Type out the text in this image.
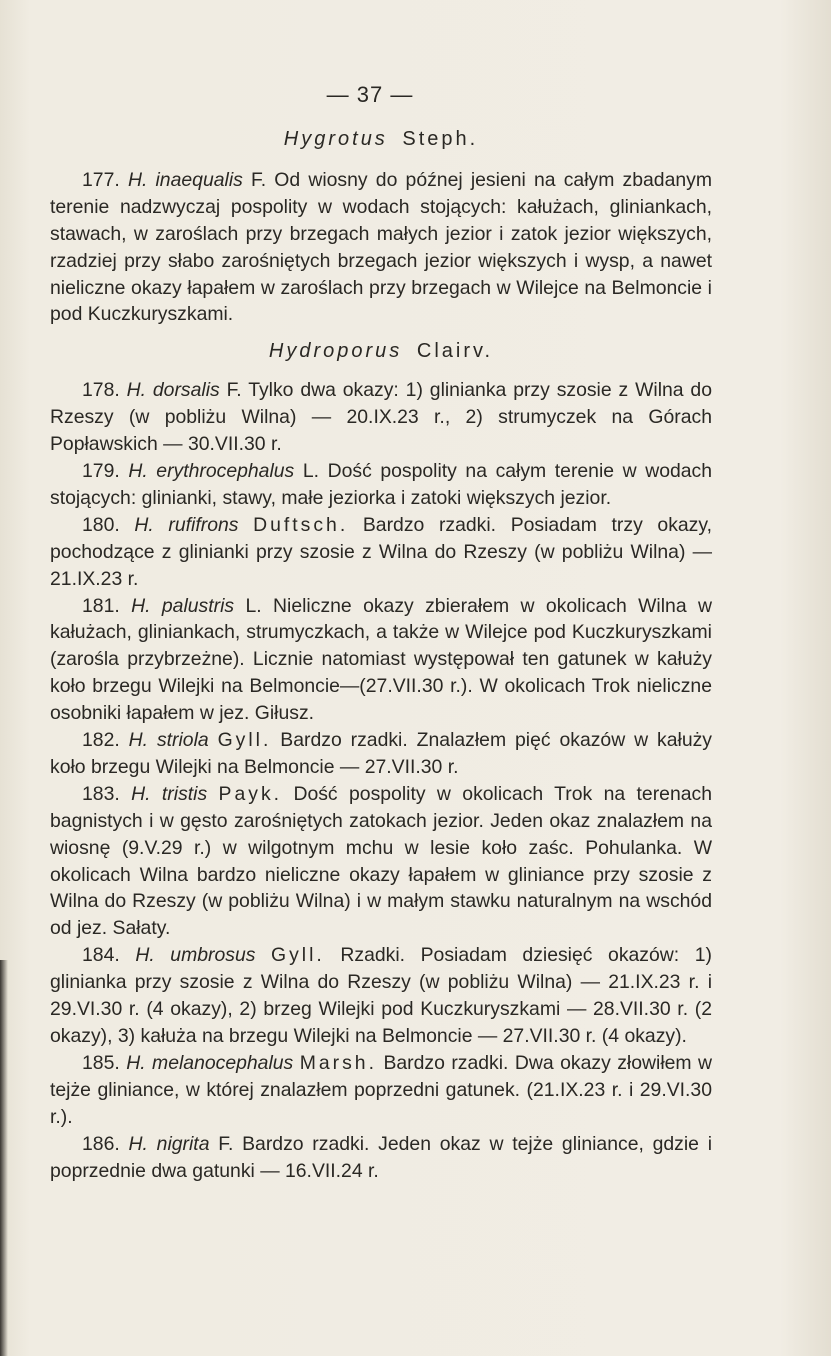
— 37 —

Hygrotus Steph.

177. H. inaequalis F. Od wiosny do późnej jesieni na całym zbadanym terenie nadzwyczaj pospolity w wodach stojących: kałużach, gliniankach, stawach, w zaroślach przy brzegach małych jezior i zatok jezior większych, rzadziej przy słabo zarośniętych brzegach jezior większych i wysp, a nawet nieliczne okazy łapałem w zaroślach przy brzegach w Wilejce na Belmoncie i pod Kuczkuryszkami.

Hydroporus Clairv.

178. H. dorsalis F. Tylko dwa okazy: 1) glinianka przy szosie z Wilna do Rzeszy (w pobliżu Wilna) — 20.IX.23 r., 2) strumyczek na Górach Popławskich — 30.VII.30 r.

179. H. erythrocephalus L. Dość pospolity na całym terenie w wodach stojących: glinianki, stawy, małe jeziorka i zatoki większych jezior.

180. H. rufifrons Duftsch. Bardzo rzadki. Posiadam trzy okazy, pochodzące z glinianki przy szosie z Wilna do Rzeszy (w pobliżu Wilna) — 21.IX.23 r.

181. H. palustris L. Nieliczne okazy zbierałem w okolicach Wilna w kałużach, gliniankach, strumyczkach, a także w Wilejce pod Kuczkuryszkami (zarośla przybrzeżne). Licznie natomiast występował ten gatunek w kałuży koło brzegu Wilejki na Belmoncie—(27.VII.30 r.). W okolicach Trok nieliczne osobniki łapałem w jez. Giłusz.

182. H. striola Gyll. Bardzo rzadki. Znalazłem pięć okazów w kałuży koło brzegu Wilejki na Belmoncie — 27.VII.30 r.

183. H. tristis Payk. Dość pospolity w okolicach Trok na terenach bagnistych i w gęsto zarośniętych zatokach jezior. Jeden okaz znalazłem na wiosnę (9.V.29 r.) w wilgotnym mchu w lesie koło zaśc. Pohulanka. W okolicach Wilna bardzo nieliczne okazy łapałem w gliniance przy szosie z Wilna do Rzeszy (w pobliżu Wilna) i w małym stawku naturalnym na wschód od jez. Sałaty.

184. H. umbrosus Gyll. Rzadki. Posiadam dziesięć okazów: 1) glinianka przy szosie z Wilna do Rzeszy (w pobliżu Wilna) — 21.IX.23 r. i 29.VI.30 r. (4 okazy), 2) brzeg Wilejki pod Kuczkuryszkami — 28.VII.30 r. (2 okazy), 3) kałuża na brzegu Wilejki na Belmoncie — 27.VII.30 r. (4 okazy).

185. H. melanocephalus Marsh. Bardzo rzadki. Dwa okazy złowiłem w tejże gliniance, w której znalazłem poprzedni gatunek. (21.IX.23 r. i 29.VI.30 r.).

186. H. nigrita F. Bardzo rzadki. Jeden okaz w tejże gliniance, gdzie i poprzednie dwa gatunki — 16.VII.24 r.
